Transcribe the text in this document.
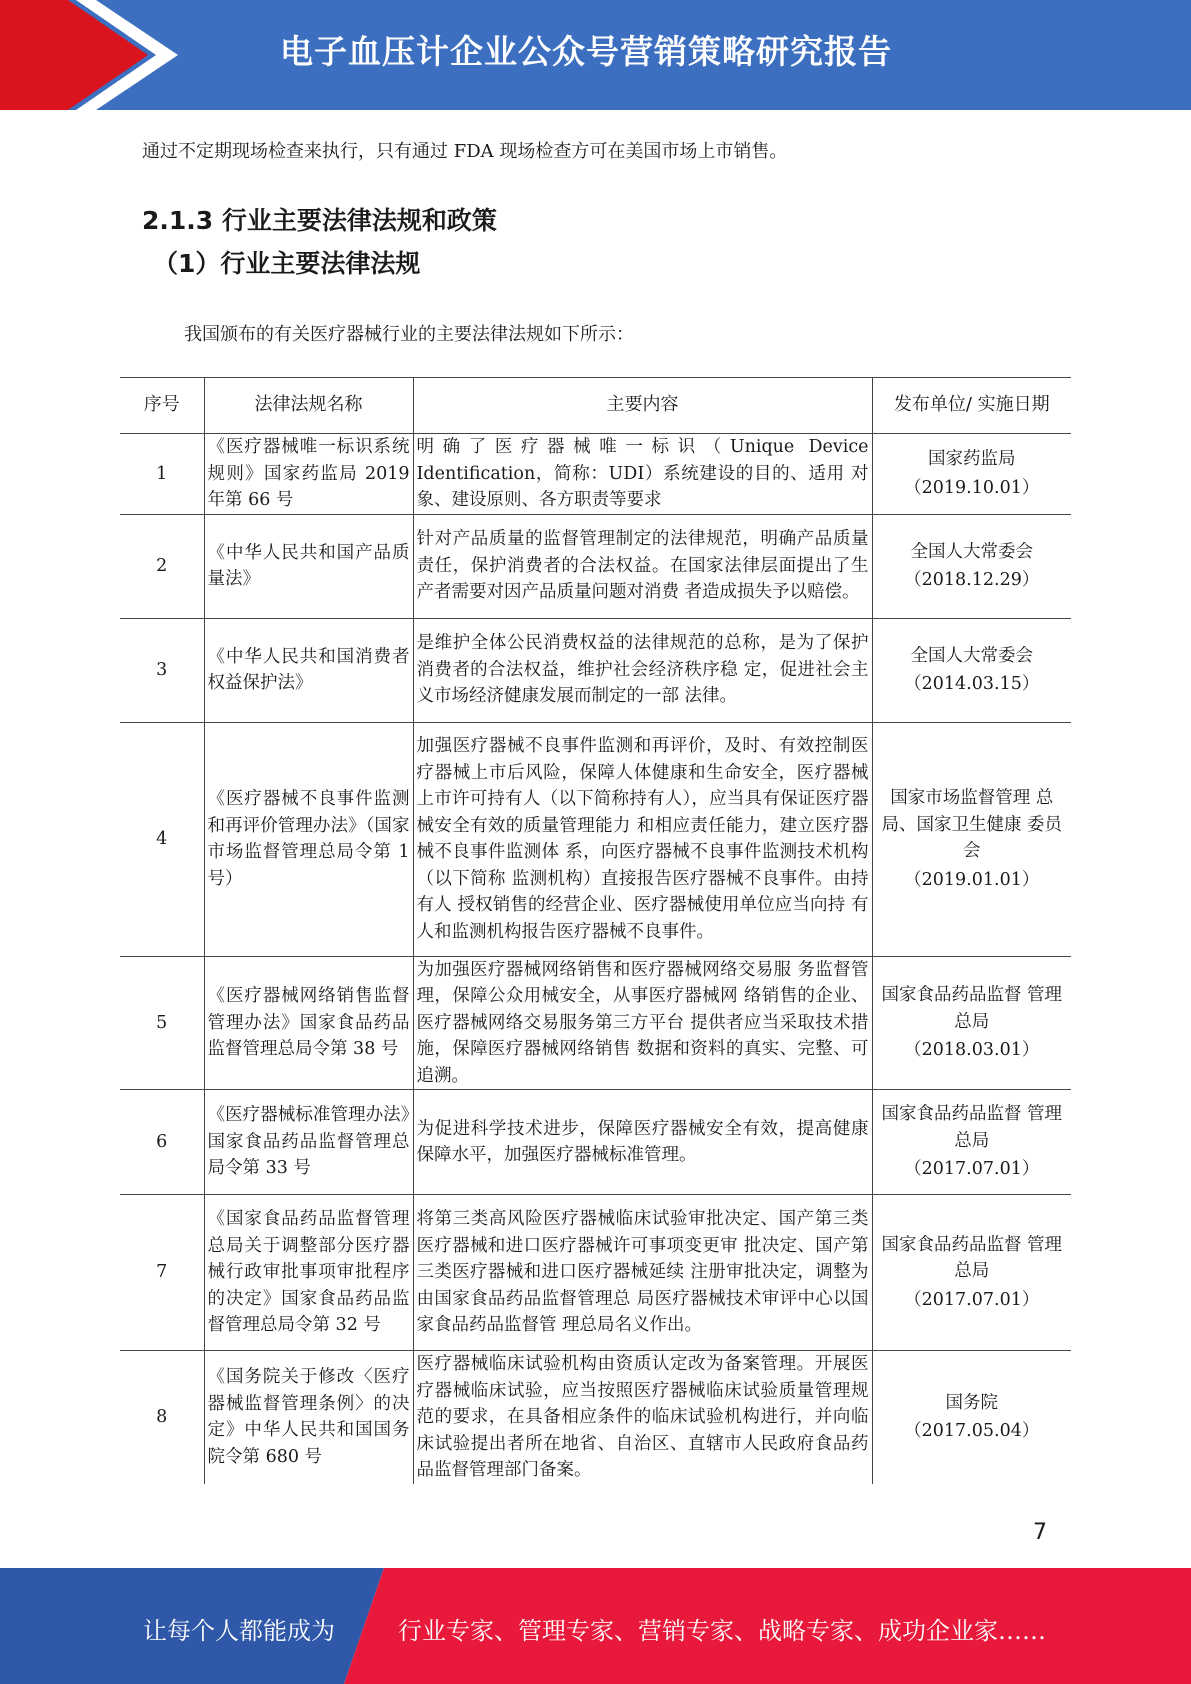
电子血压计企业公众号营销策略研究报告
通过不定期现场检查来执行，只有通过 FDA 现场检查方可在美国市场上市销售。
2.1.3 行业主要法律法规和政策
（1）行业主要法律法规
我国颁布的有关医疗器械行业的主要法律法规如下所示：
序号	法律法规名称	主要内容	发布单位/ 实施日期
1	《医疗器械唯一标识系统规则》国家药监局 2019 年第 66 号	明确了医疗器械唯一标识（Unique Device Identification，简称：UDI）系统建设的目的、适用 对象、建设原则、各方职责等要求	国家药监局
（2019.10.01）

2	《中华人民共和国产品质量法》	针对产品质量的监督管理制定的法律规范，明确产品质量责任，保护消费者的合法权益。在国家法律层面提出了生产者需要对因产品质量问题对消费 者造成损失予以赔偿。	全国人大常委会
（2018.12.29）

3	《中华人民共和国消费者权益保护法》	是维护全体公民消费权益的法律规范的总称，是为了保护消费者的合法权益，维护社会经济秩序稳 定，促进社会主义市场经济健康发展而制定的一部 法律。	全国人大常委会
（2014.03.15）

4	《医疗器械不良事件监测和再评价管理办法》（国家市场监督管理总局令第 1 号）	加强医疗器械不良事件监测和再评价，及时、有效控制医疗器械上市后风险，保障人体健康和生命安全，医疗器械上市许可持有人（以下简称持有人），应当具有保证医疗器械安全有效的质量管理能力 和相应责任能力，建立医疗器械不良事件监测体 系，向医疗器械不良事件监测技术机构（以下简称 监测机构）直接报告医疗器械不良事件。由持有人 授权销售的经营企业、医疗器械使用单位应当向持 有人和监测机构报告医疗器械不良事件。	国家市场监督管理 总局、国家卫生健康 委员会
（2019.01.01）

5	《医疗器械网络销售监督管理办法》国家食品药品监督管理总局令第 38 号	为加强医疗器械网络销售和医疗器械网络交易服 务监督管理，保障公众用械安全，从事医疗器械网 络销售的企业、医疗器械网络交易服务第三方平台 提供者应当采取技术措施，保障医疗器械网络销售 数据和资料的真实、完整、可追溯。	国家食品药品监督 管理总局
（2018.03.01）

6	《医疗器械标准管理办法》国家食品药品监督管理总局令第 33 号	为促进科学技术进步，保障医疗器械安全有效，提高健康保障水平，加强医疗器械标准管理。	国家食品药品监督 管理总局
（2017.07.01）

7	《国家食品药品监督管理总局关于调整部分医疗器械行政审批事项审批程序的决定》国家食品药品监 督管理总局令第 32 号	将第三类高风险医疗器械临床试验审批决定、国产第三类医疗器械和进口医疗器械许可事项变更审 批决定、国产第三类医疗器械和进口医疗器械延续 注册审批决定，调整为由国家食品药品监督管理总 局医疗器械技术审评中心以国家食品药品监督管 理总局名义作出。	国家食品药品监督 管理总局
（2017.07.01）

8	《国务院关于修改〈医疗器械监督管理条例〉的决定》中华人民共和国国务院令第 680 号	医疗器械临床试验机构由资质认定改为备案管理。开展医疗器械临床试验，应当按照医疗器械临床试验质量管理规范的要求，在具备相应条件的临床试验机构进行，并向临床试验提出者所在地省、自治区、直辖市人民政府食品药品监督管理部门备案。	国务院
（2017.05.04）
7
让每个人都能成为	行业专家、管理专家、营销专家、战略专家、成功企业家……
